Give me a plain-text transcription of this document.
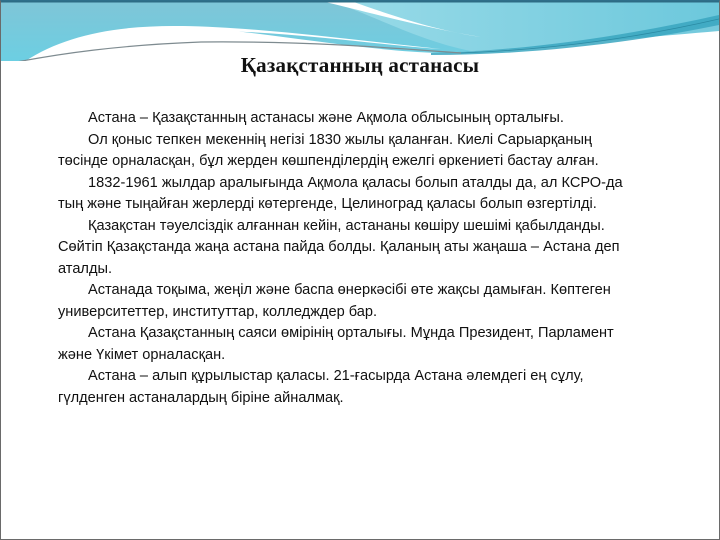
Қазақстанның астанасы

Астана – Қазақстанның астанасы және Ақмола облысының орталығы.

Ол қоныс тепкен мекеннің негізі 1830 жылы қаланған. Киелі Сарыарқаның төсінде орналасқан, бұл жерден көшпенділердің ежелгі өркениеті бастау алған.

1832-1961 жылдар аралығында Ақмола қаласы болып аталды да, ал КСРО-да тың және тыңайған жерлерді көтергенде, Целиноград қаласы болып өзгертілді.

Қазақстан тәуелсіздік алғаннан кейін, астананы көшіру шешімі қабылданды. Сөйтіп Қазақстанда жаңа астана пайда болды. Қаланың аты жаңаша – Астана деп аталды.

Астанада тоқыма, жеңіл және баспа өнеркәсібі өте жақсы дамыған. Көптеген университеттер, институттар, колледждер бар.

Астана Қазақстанның саяси өмірінің орталығы. Мұнда Президент, Парламент және Үкімет орналасқан.

Астана – алып құрылыстар қаласы. 21-ғасырда Астана әлемдегі ең сұлу, гүлденген астаналардың біріне айналмақ.
